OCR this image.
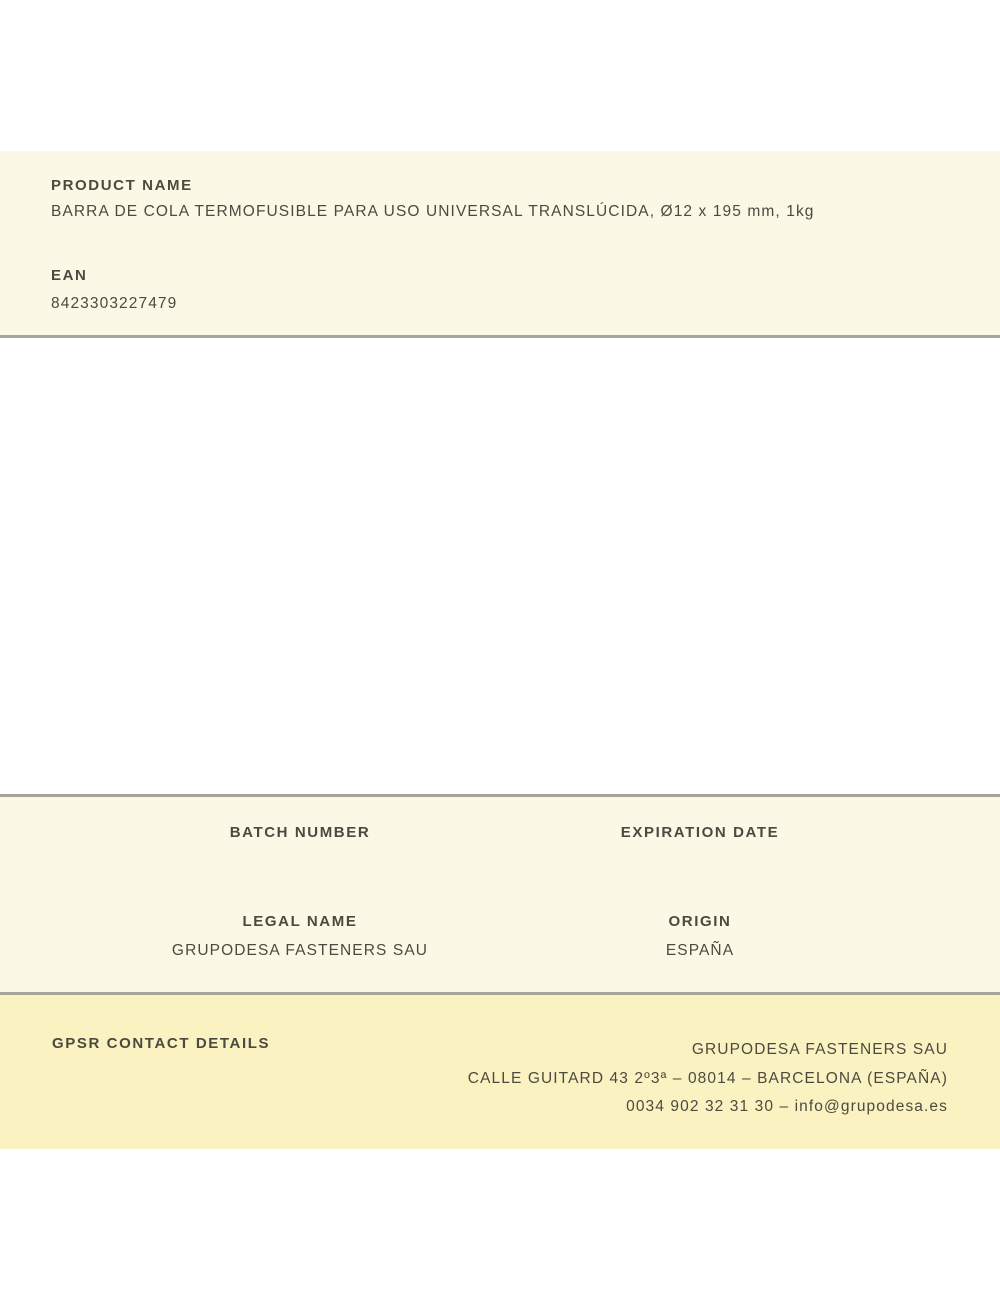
PRODUCT NAME
BARRA DE COLA TERMOFUSIBLE PARA USO UNIVERSAL TRANSLÚCIDA, Ø12 x 195 mm, 1kg
EAN
8423303227479
BATCH NUMBER
LEGAL NAME
GRUPODESA FASTENERS SAU
EXPIRATION DATE
ORIGIN
ESPAÑA
GPSR CONTACT DETAILS	GRUPODESA FASTENERS SAU
CALLE GUITARD 43 2º3ª – 08014 – BARCELONA (ESPAÑA)
0034 902 32 31 30 – info@grupodesa.es
